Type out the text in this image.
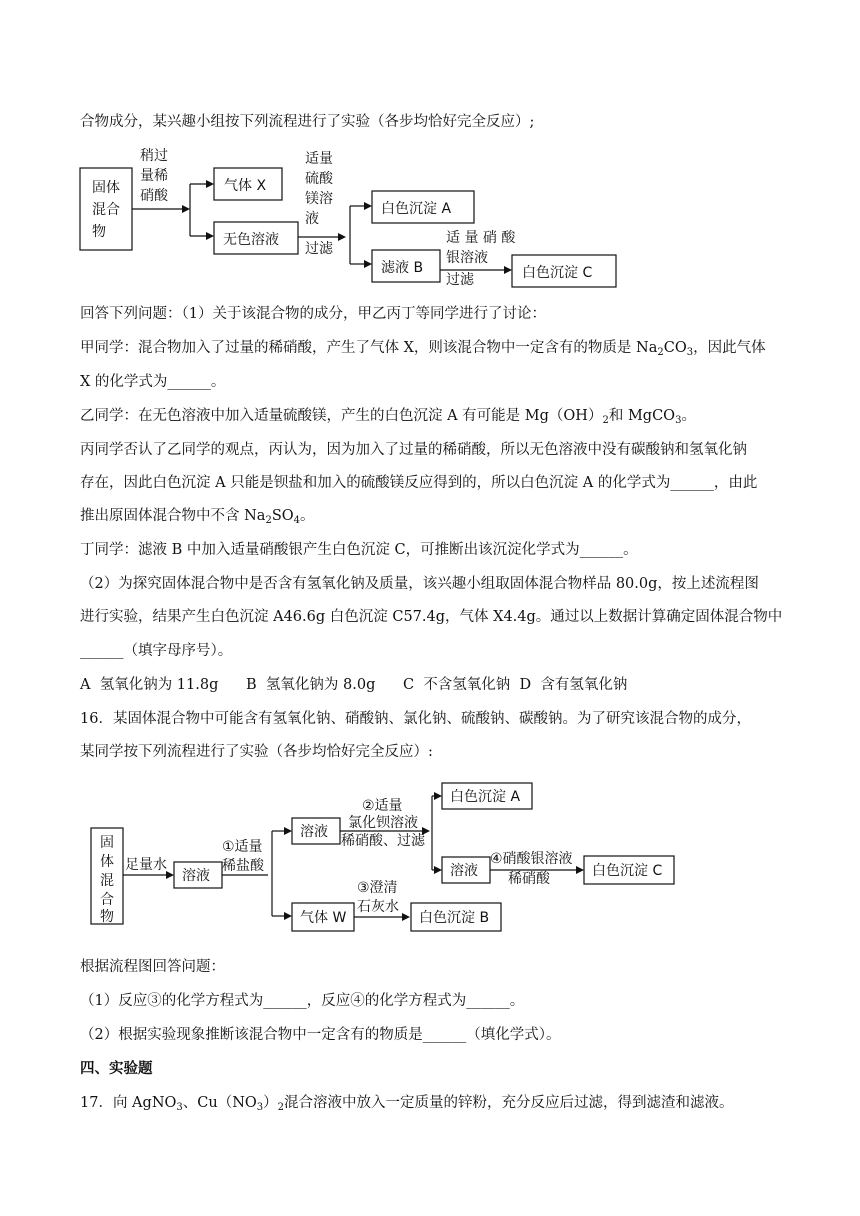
合物成分，某兴趣小组按下列流程进行了实验（各步均恰好完全反应）;
固体
混合
物
稍过
量稀
硝酸
气体 X
无色溶液
适量
硫酸
镁溶
液
过滤
白色沉淀 A
滤液 B
适 量 硝 酸
银溶液
过滤	白色沉淀 C
回答下列问题：（1）关于该混合物的成分，甲乙丙丁等同学进行了讨论：
甲同学：混合物加入了过量的稀硝酸，产生了气体 X，则该混合物中一定含有的物质是 $Na_2CO_3$，因此气体
X 的化学式为______。
乙同学：在无色溶液中加入适量硫酸镁，产生的白色沉淀 A 有可能是 $Mg(OH)_2$和 MgCO$_3$。
丙同学否认了乙同学的观点，丙认为，因为加入了过量的稀硝酸，所以无色溶液中没有碳酸钠和氢氧化钠
存在，因此白色沉淀 A 只能是钡盐和加入的硫酸镁反应得到的，所以白色沉淀 A 的化学式为______，由此
推出原固体混合物中不含 $Na_2SO_4$。
丁同学：滤液 B 中加入适量硝酸银产生白色沉淀 C，可推断出该沉淀化学式为______。
（2）为探究固体混合物中是否含有氢氧化钠及质量，该兴趣小组取固体混合物样品 80.0g，按上述流程图
进行实验，结果产生白色沉淀 A46.6g 白色沉淀 C57.4g，气体 X4.4g。通过以上数据计算确定固体混合物中
______（填字母序号）。
A  氢氧化钠为 11.8g      B  氢氧化钠为 8.0g      C  不含氢氧化钠  D  含有氢氧化钠
16．某固体混合物中可能含有氢氧化钠、硝酸钠、氯化钠、硫酸钠、碳酸钠。为了研究该混合物的成分，
某同学按下列流程进行了实验（各步均恰好完全反应）:
固
体
混
合
物
足量水
溶液
①适量
稀盐酸
溶液
②适量
氯化钡溶液
稀硝酸、过滤
白色沉淀 A
溶液
④硝酸银溶液
稀硝酸	白色沉淀 C
气体 W
③澄清
石灰水
白色沉淀 B
根据流程图回答问题：
（1）反应③的化学方程式为______，反应④的化学方程式为______。
（2）根据实验现象推断该混合物中一定含有的物质是______（填化学式）。
四、实验题
17．向 AgNO$_3$、$Cu(NO_3)_2$混合溶液中放入一定质量的锌粉，充分反应后过滤，得到滤渣和滤液。
